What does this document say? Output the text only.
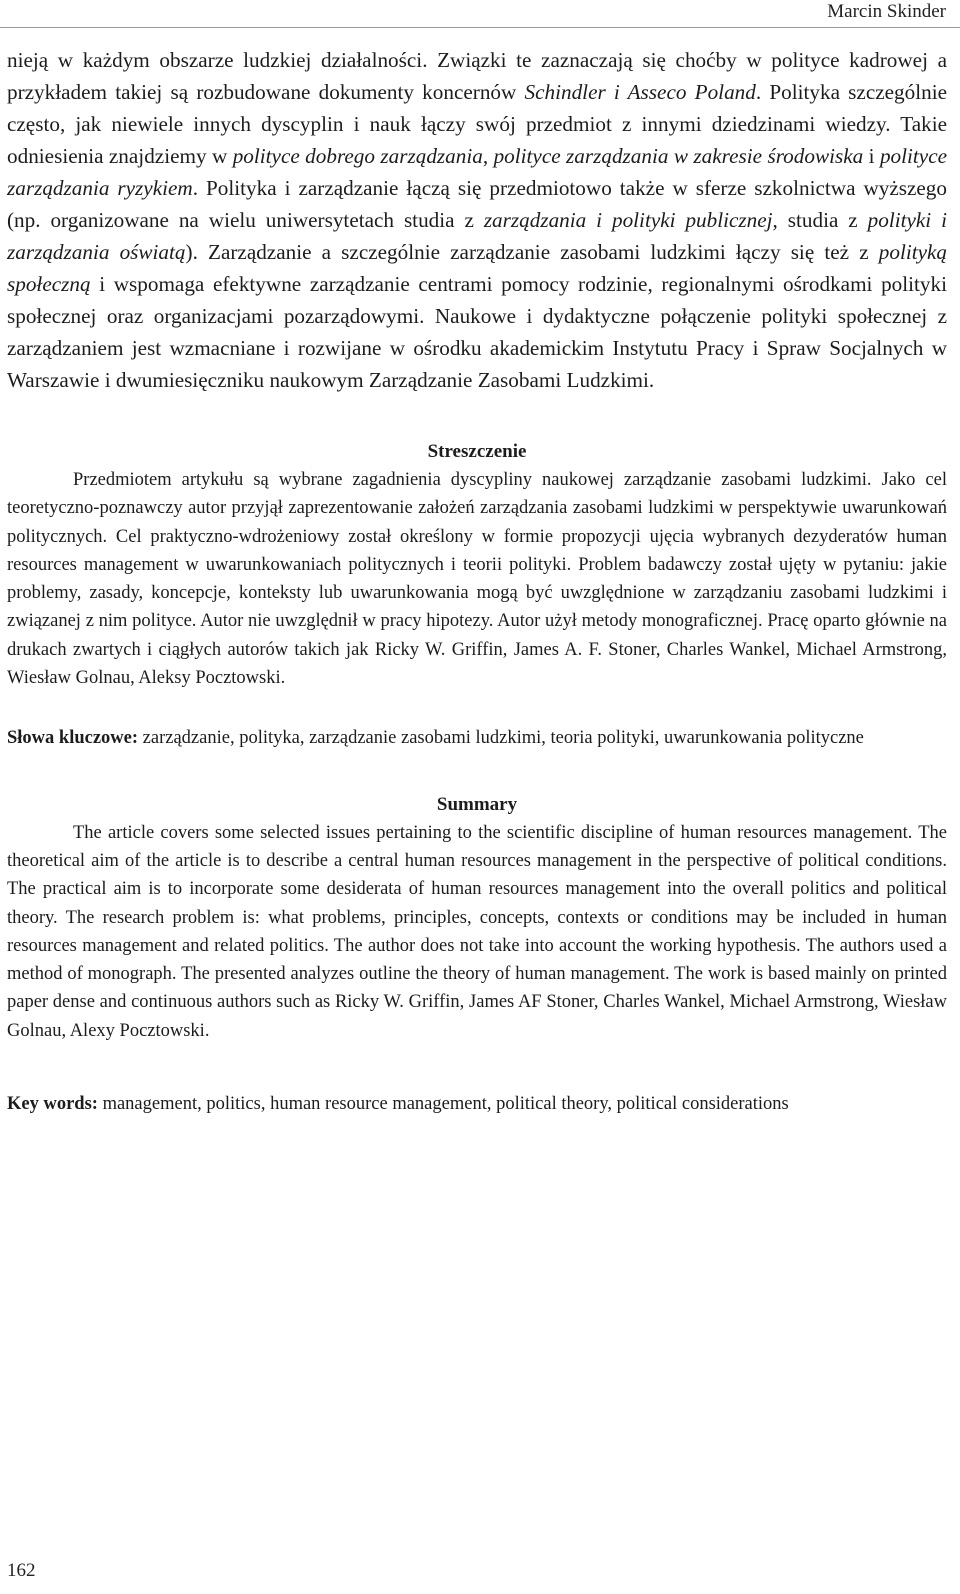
Marcin Skinder

nieją w każdym obszarze ludzkiej działalności. Związki te zaznaczają się choćby w polityce kadrowej a przykładem takiej są rozbudowane dokumenty koncernów Schindler i Asseco Poland. Polityka szczególnie często, jak niewiele innych dyscyplin i nauk łączy swój przedmiot z innymi dziedzinami wiedzy. Takie odniesienia znajdziemy w polityce dobrego zarządzania, polityce zarządzania w zakresie środowiska i polityce zarządzania ryzykiem. Polityka i zarządzanie łączą się przedmiotowo także w sferze szkolnictwa wyższego (np. organizowane na wielu uniwersytetach studia z zarządzania i polityki publicznej, studia z polityki i zarządzania oświatą). Zarządzanie a szczególnie zarządzanie zasobami ludzkimi łączy się też z polityką społeczną i wspomaga efektywne zarządzanie centrami pomocy rodzinie, regionalnymi ośrodkami polityki społecznej oraz organizacjami pozarządowymi. Naukowe i dydaktyczne połączenie polityki społecznej z zarządzaniem jest wzmacniane i rozwijane w ośrodku akademickim Instytutu Pracy i Spraw Socjalnych w Warszawie i dwumiesięczniku naukowym Zarządzanie Zasobami Ludzkimi.

Streszczenie

Przedmiotem artykułu są wybrane zagadnienia dyscypliny naukowej zarządzanie zasobami ludzkimi. Jako cel teoretyczno-poznawczy autor przyjął zaprezentowanie założeń zarządzania zasobami ludzkimi w perspektywie uwarunkowań politycznych. Cel praktyczno-wdrożeniowy został określony w formie propozycji ujęcia wybranych dezyderatów human resources management w uwarunkowaniach politycznych i teorii polityki. Problem badawczy został ujęty w pytaniu: jakie problemy, zasady, koncepcje, konteksty lub uwarunkowania mogą być uwzględnione w zarządzaniu zasobami ludzkimi i związanej z nim polityce. Autor nie uwzględnił w pracy hipotezy. Autor użył metody monograficznej. Pracę oparto głównie na drukach zwartych i ciągłych autorów takich jak Ricky W. Griffin, James A. F. Stoner, Charles Wankel, Michael Armstrong, Wiesław Golnau, Aleksy Pocztowski.

Słowa kluczowe: zarządzanie, polityka, zarządzanie zasobami ludzkimi, teoria polityki, uwarunkowania polityczne

Summary

The article covers some selected issues pertaining to the scientific discipline of human resources management. The theoretical aim of the article is to describe a central human resources management in the perspective of political conditions. The practical aim is to incorporate some desiderata of human resources management into the overall politics and political theory. The research problem is: what problems, principles, concepts, contexts or conditions may be included in human resources management and related politics. The author does not take into account the working hypothesis. The authors used a method of monograph. The presented analyzes outline the theory of human management. The work is based mainly on printed paper dense and continuous authors such as Ricky W. Griffin, James AF Stoner, Charles Wankel, Michael Armstrong, Wiesław Golnau, Alexy Pocztowski.

Key words: management, politics, human resource management, political theory, political considerations

162
